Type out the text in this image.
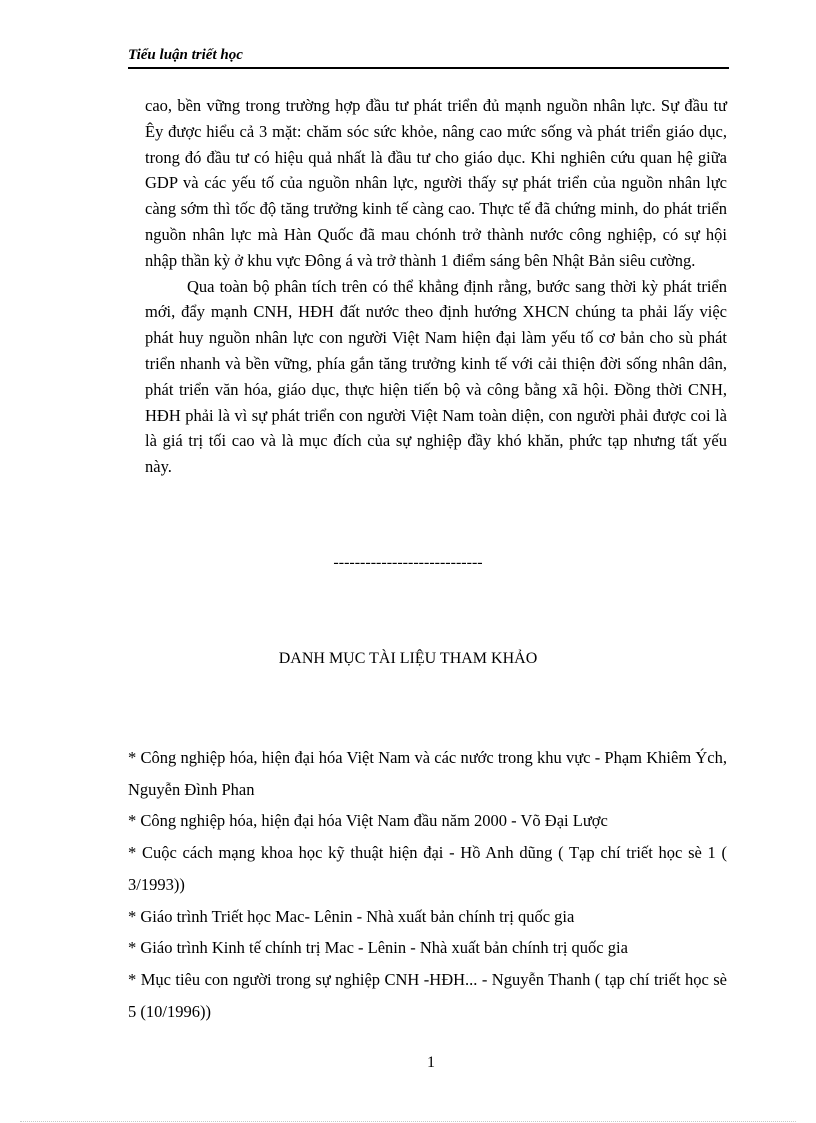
Tiểu luận triết học

cao, bền vững trong trường hợp đầu tư phát triển đủ mạnh nguồn nhân lực. Sự đầu tư Êy được hiểu cả 3 mặt: chăm sóc sức khỏe, nâng cao mức sống và phát triển giáo dục, trong đó đầu tư có hiệu quả nhất là đầu tư cho giáo dục. Khi nghiên cứu quan hệ giữa GDP và các yếu tố của nguồn nhân lực, người thấy sự phát triển của nguồn nhân lực càng sớm thì tốc độ tăng trưởng kinh tế càng cao. Thực tế đã chứng minh, do phát triển nguồn nhân lực mà Hàn Quốc đã mau chónh trở thành nước công nghiệp, có sự hội nhập thần kỳ ở khu vực Đông á và trở thành 1 điểm sáng bên Nhật Bản siêu cường.

Qua toàn bộ phân tích trên có thể khẳng định rằng, bước sang thời kỳ phát triển mới, đẩy mạnh CNH, HĐH đất nước theo định hướng XHCN chúng ta phải lấy việc phát huy nguồn nhân lực con người Việt Nam hiện đại làm yếu tố cơ bản cho sù phát triển nhanh và bền vững, phía gắn tăng trưởng kinh tế với cải thiện đời sống nhân dân, phát triển văn hóa, giáo dục, thực hiện tiến bộ và công bằng xã hội. Đồng thời CNH, HĐH phải là vì sự phát triển con người Việt Nam toàn diện, con người phải được coi là là giá trị tối cao và là mục đích của sự nghiệp đầy khó khăn, phức tạp nhưng tất yếu này.

----------------------------
DANH MỤC TÀI LIỆU THAM KHẢO
* Công nghiệp hóa, hiện đại hóa Việt Nam và các nước trong khu vực - Phạm Khiêm Ých, Nguyễn Đình Phan
* Công nghiệp hóa, hiện đại hóa Việt Nam đầu năm 2000 - Võ Đại Lược
* Cuộc cách mạng khoa học kỹ thuật hiện đại - Hồ Anh dũng ( Tạp chí triết học sè 1 ( 3/1993))
* Giáo trình Triết học Mac- Lênin - Nhà xuất bản chính trị quốc gia
* Giáo trình Kinh tế chính trị Mac - Lênin - Nhà xuất bản chính trị quốc gia
* Mục tiêu con người trong sự nghiệp CNH -HĐH... - Nguyễn Thanh ( tạp chí triết học sè 5 (10/1996))
1
